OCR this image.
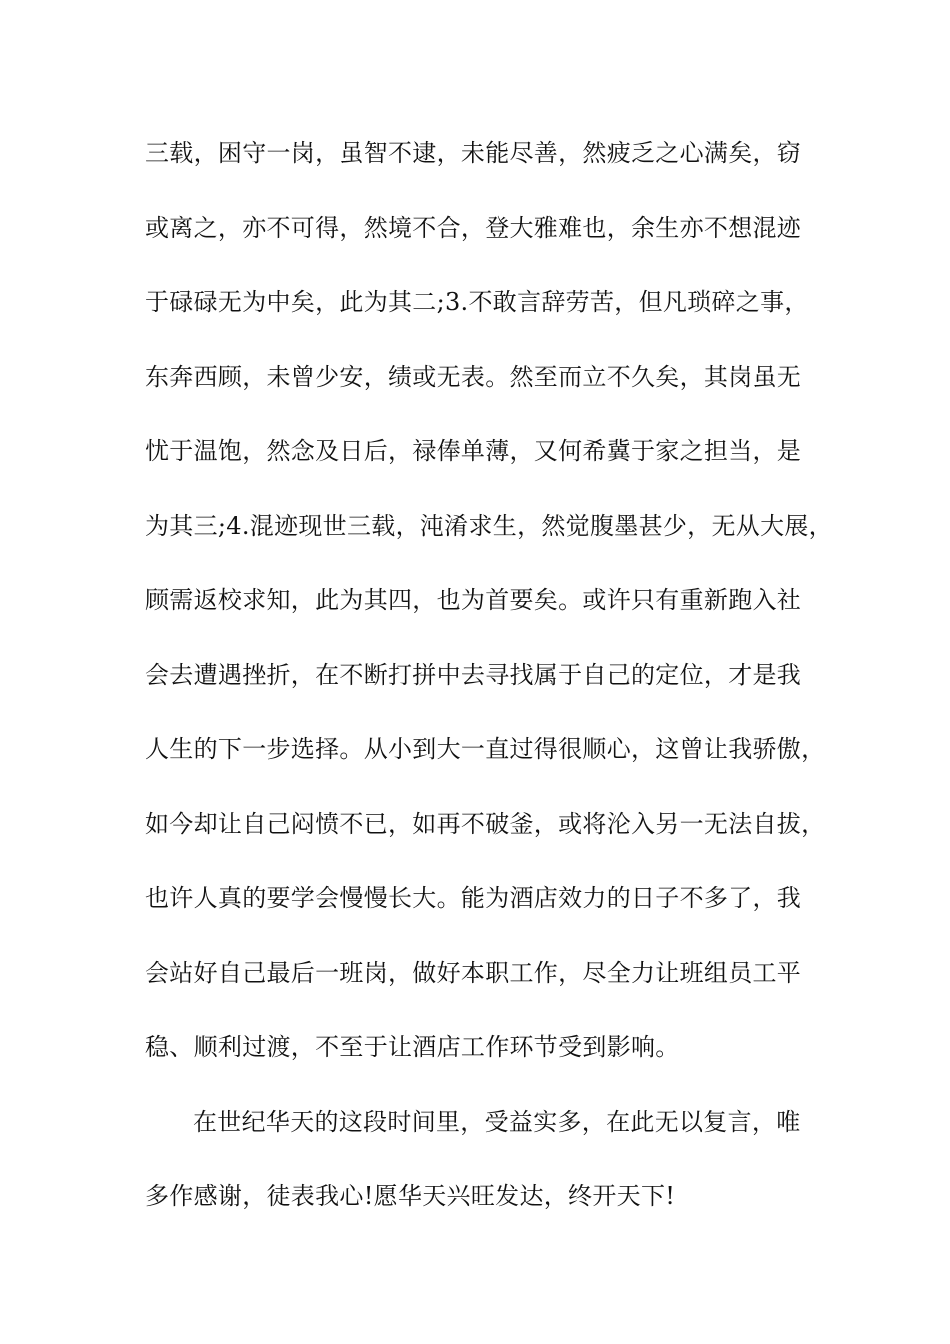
三载，困守一岗，虽智不逮，未能尽善，然疲乏之心满矣，窃
或离之，亦不可得，然境不合，登大雅难也，余生亦不想混迹
于碌碌无为中矣，此为其二;3.不敢言辞劳苦，但凡琐碎之事，
东奔西顾，未曾少安，绩或无表。然至而立不久矣，其岗虽无
忧于温饱，然念及日后，禄俸单薄，又何希冀于家之担当，是
为其三;4.混迹现世三载，沌淆求生，然觉腹墨甚少，无从大展，
顾需返校求知，此为其四，也为首要矣。或许只有重新跑入社
会去遭遇挫折，在不断打拼中去寻找属于自己的定位，才是我
人生的下一步选择。从小到大一直过得很顺心，这曾让我骄傲，
如今却让自己闷愤不已，如再不破釜，或将沦入另一无法自拔，
也许人真的要学会慢慢长大。能为酒店效力的日子不多了，我
会站好自己最后一班岗，做好本职工作，尽全力让班组员工平
稳、顺利过渡，不至于让酒店工作环节受到影响。
在世纪华天的这段时间里，受益实多，在此无以复言，唯
多作感谢，徒表我心!愿华天兴旺发达，终开天下!
